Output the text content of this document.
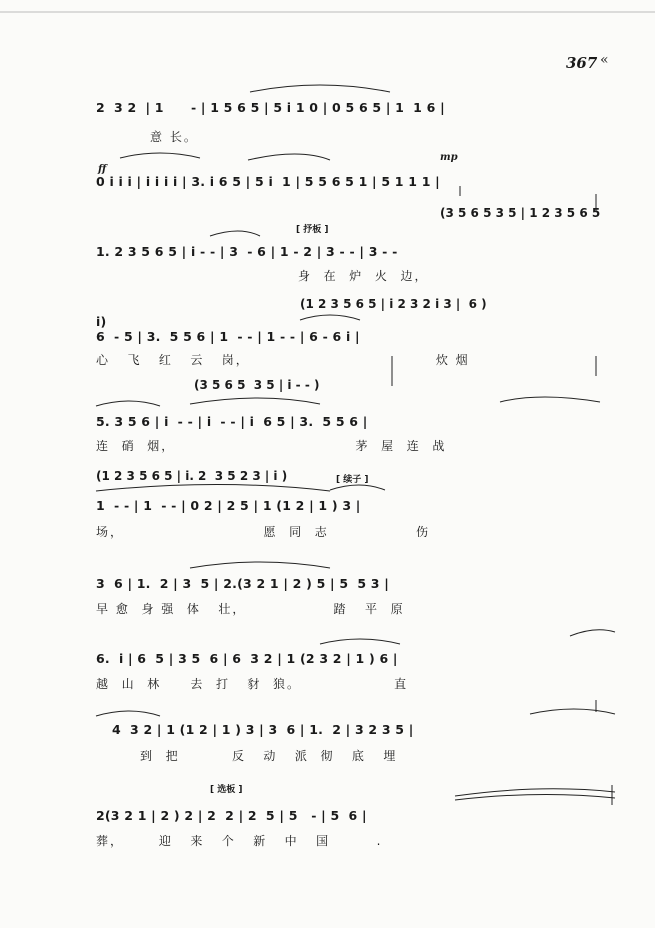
367 «
2  3 2  | 1      - | 1 5 6 5 | 5 i 1 0 | 0 5 6 5 | 1  1 6 |
意 长。
ff
mp
0 i i i | i i i i | 3. i 6 5 | 5 i  1 | 5 5 6 5 1 | 5 1 1 1 |
(3 5 6 5 3 5 | 1 2 3 5 6 5
[ 抒板 ]
1. 2 3 5 6 5 | i - - | 3  - 6 | 1 - 2 | 3 - - | 3 - -
身  在  炉  火  边，
(1 2 3 5 6 5 | i 2 3 2 i 3 |  6 )
i)
6  - 5 | 3.  5 5 6 | 1  - - | 1 - - | 6 - 6 i |
心   飞   红   云   岗，                                炊 烟
(3 5 6 5  3 5 | i - - )
5. 3 5 6 | i  - - | i  - - | i  6 5 | 3.  5 5 6 |
连  硝  烟，                               茅  屋  连  战
(1 2 3 5 6 5 | i. 2  3 5 2 3 | i )	[ 续子 ]
1  - - | 1  - - | 0 2 | 2 5 | 1 (1 2 | 1 ) 3 |
场，                        愿  同  志               伤
3  6 | 1.  2 | 3  5 | 2.(3 2 1 | 2 ) 5 | 5  5 3 |
早 愈  身 强  体   壮，               踏   平  原
6.  i | 6  5 | 3 5  6 | 6  3 2 | 1 (2 3 2 | 1 ) 6 |
越  山  林     去  打   豺  狼。                直
4  3 2 | 1 (1 2 | 1 ) 3 | 3  6 | 1.  2 | 3 2 3 5 |
到  把         反   动   派  彻   底   埋
[ 选板 ]
2(3 2 1 | 2 ) 2 | 2  2 | 2  5 | 5   - | 5  6 |
葬，      迎   来   个   新   中   国        .
